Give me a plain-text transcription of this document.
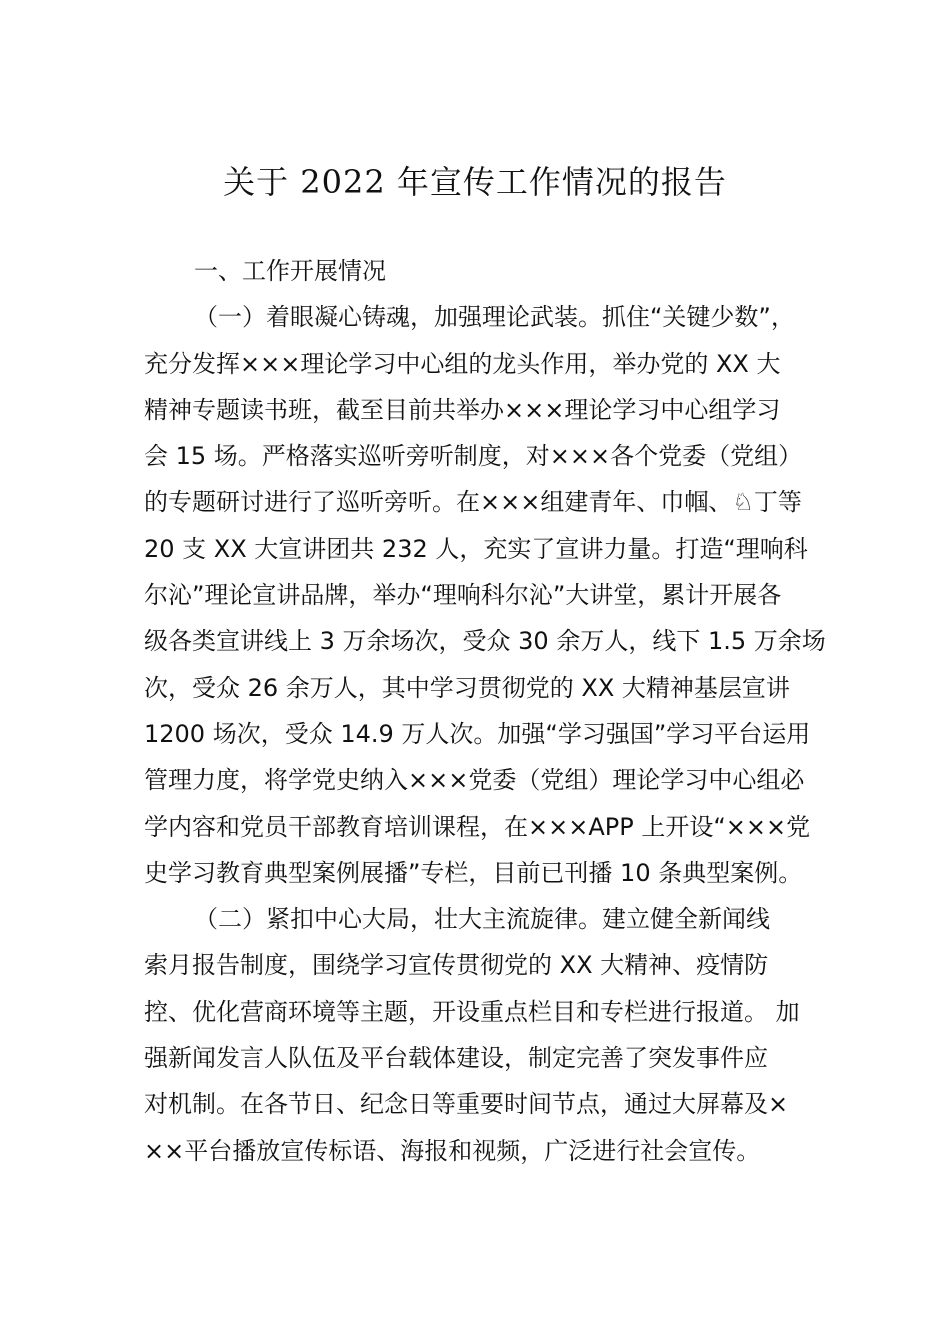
关于 2022 年宣传工作情况的报告
一、工作开展情况
（一）着眼凝心铸魂，加强理论武装。抓住“关键少数”，
充分发挥×××理论学习中心组的龙头作用，举办党的 XX 大
精神专题读书班，截至目前共举办×××理论学习中心组学习
会 15 场。严格落实巡听旁听制度，对×××各个党委（党组）
的专题研讨进行了巡听旁听。在×××组建青年、巾帼、♘丁等
20 支 XX 大宣讲团共 232 人，充实了宣讲力量。打造“理响科
尔沁”理论宣讲品牌，举办“理响科尔沁”大讲堂，累计开展各
级各类宣讲线上 3 万余场次，受众 30 余万人，线下 1.5 万余场
次，受众 26 余万人，其中学习贯彻党的 XX 大精神基层宣讲
1200 场次，受众 14.9 万人次。加强“学习强国”学习平台运用
管理力度，将学党史纳入×××党委（党组）理论学习中心组必
学内容和党员干部教育培训课程，在×××APP 上开设“×××党
史学习教育典型案例展播”专栏，目前已刊播 10 条典型案例。
（二）紧扣中心大局，壮大主流旋律。建立健全新闻线
索月报告制度，围绕学习宣传贯彻党的 XX 大精神、疫情防
控、优化营商环境等主题，开设重点栏目和专栏进行报道。 加
强新闻发言人队伍及平台载体建设，制定完善了突发事件应
对机制。在各节日、纪念日等重要时间节点，通过大屏幕及×
××平台播放宣传标语、海报和视频，广泛进行社会宣传。
